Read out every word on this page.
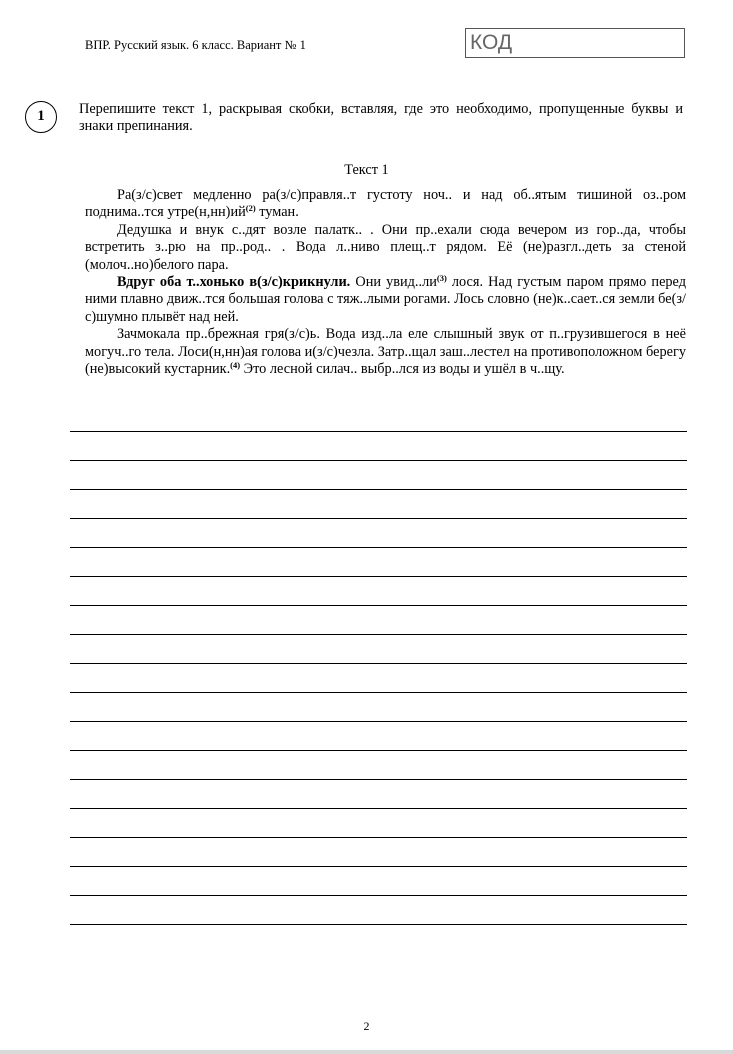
ВПР. Русский язык. 6 класс. Вариант № 1	КОД
1	Перепишите текст 1, раскрывая скобки, вставляя, где это необходимо, пропущенные буквы и знаки препинания.
Текст 1

Ра(з/с)свет медленно ра(з/с)правля..т густоту ноч.. и над об..ятым тишиной оз..ром поднима..тся $утре(н,нн)ий^{(2)}$ туман.

Дедушка и внук с..дят возле палатк.. . Они пр..ехали сюда вечером из гор..да, чтобы встретить з..рю на пр..род.. . Вода л..ниво плещ..т рядом. Её (не)разгл..деть за стеной (молоч..но)белого пара.

Вдруг оба т..хонько в(з/с)крикнули. Они $увид..ли^{(3)}$ лося. Над густым паром прямо перед ними плавно движ..тся большая голова с тяж..лыми рогами. Лось словно (не)к..сает..ся земли бе(з/с)шумно плывёт над ней.

Зачмокала пр..брежная гря(з/с)ь. Вода изд..ла еле слышный звук от п..грузившегося в неё могуч..го тела. Лоси(н,нн)ая голова и(з/с)чезла. Затр..щал заш..лестел на противоположном берегу (не)высокий кустарник.$^{(4)}$ Это лесной силач.. выбр..лся из воды и ушёл в ч..щу.

2
